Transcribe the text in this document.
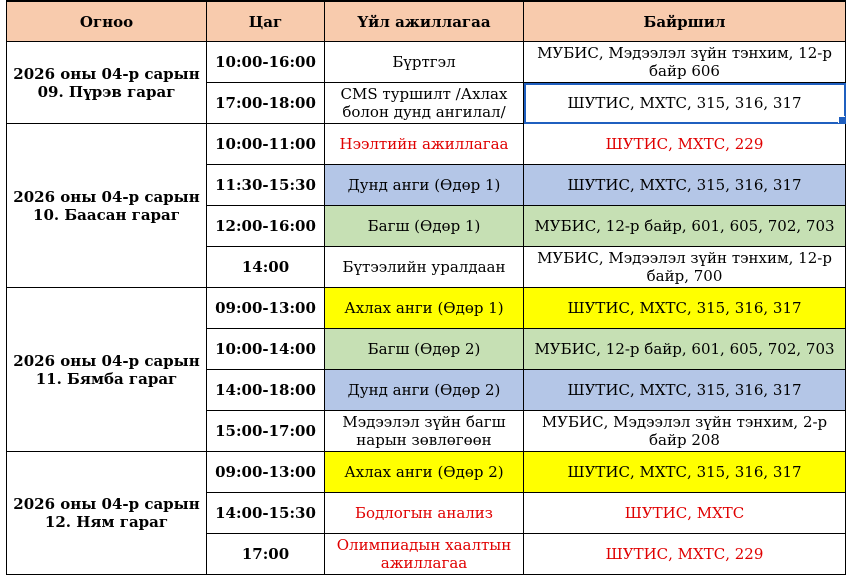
Огноо	Цаг	Үйл ажиллагаа	Байршил
2026 оны 04-р сарын
09. Пүрэв гараг	10:00-16:00	Бүртгэл	МУБИС, Мэдээлэл зүйн тэнхим, 12-р байр 606
	17:00-18:00	CMS туршилт /Ахлах болон дунд ангилал/	ШУТИС, МХТС, 315, 316, 317

2026 оны 04-р сарын
10. Баасан гараг	10:00-11:00	Нээлтийн ажиллагаа	ШУТИС, МХТС, 229
	11:30-15:30	Дунд анги (Өдөр 1)	ШУТИС, МХТС, 315, 316, 317
	12:00-16:00	Багш (Өдөр 1)	МУБИС, 12-р байр, 601, 605, 702, 703
	14:00	Бүтээлийн уралдаан	МУБИС, Мэдээлэл зүйн тэнхим, 12-р байр, 700
2026 оны 04-р сарын
11. Бямба гараг	09:00-13:00	Ахлах анги (Өдөр 1)	ШУТИС, МХТС, 315, 316, 317
	10:00-14:00	Багш (Өдөр 2)	МУБИС, 12-р байр, 601, 605, 702, 703
	14:00-18:00	Дунд анги (Өдөр 2)	ШУТИС, МХТС, 315, 316, 317
	15:00-17:00	Мэдээлэл зүйн багш нарын зөвлөгөөн	МУБИС, Мэдээлэл зүйн тэнхим, 2-р байр 208
2026 оны 04-р сарын
12. Ням гараг	09:00-13:00	Ахлах анги (Өдөр 2)	ШУТИС, МХТС, 315, 316, 317
	14:00-15:30	Бодлогын анализ	ШУТИС, МХТС
	17:00	Олимпиадын хаалтын ажиллагаа	ШУТИС, МХТС, 229
